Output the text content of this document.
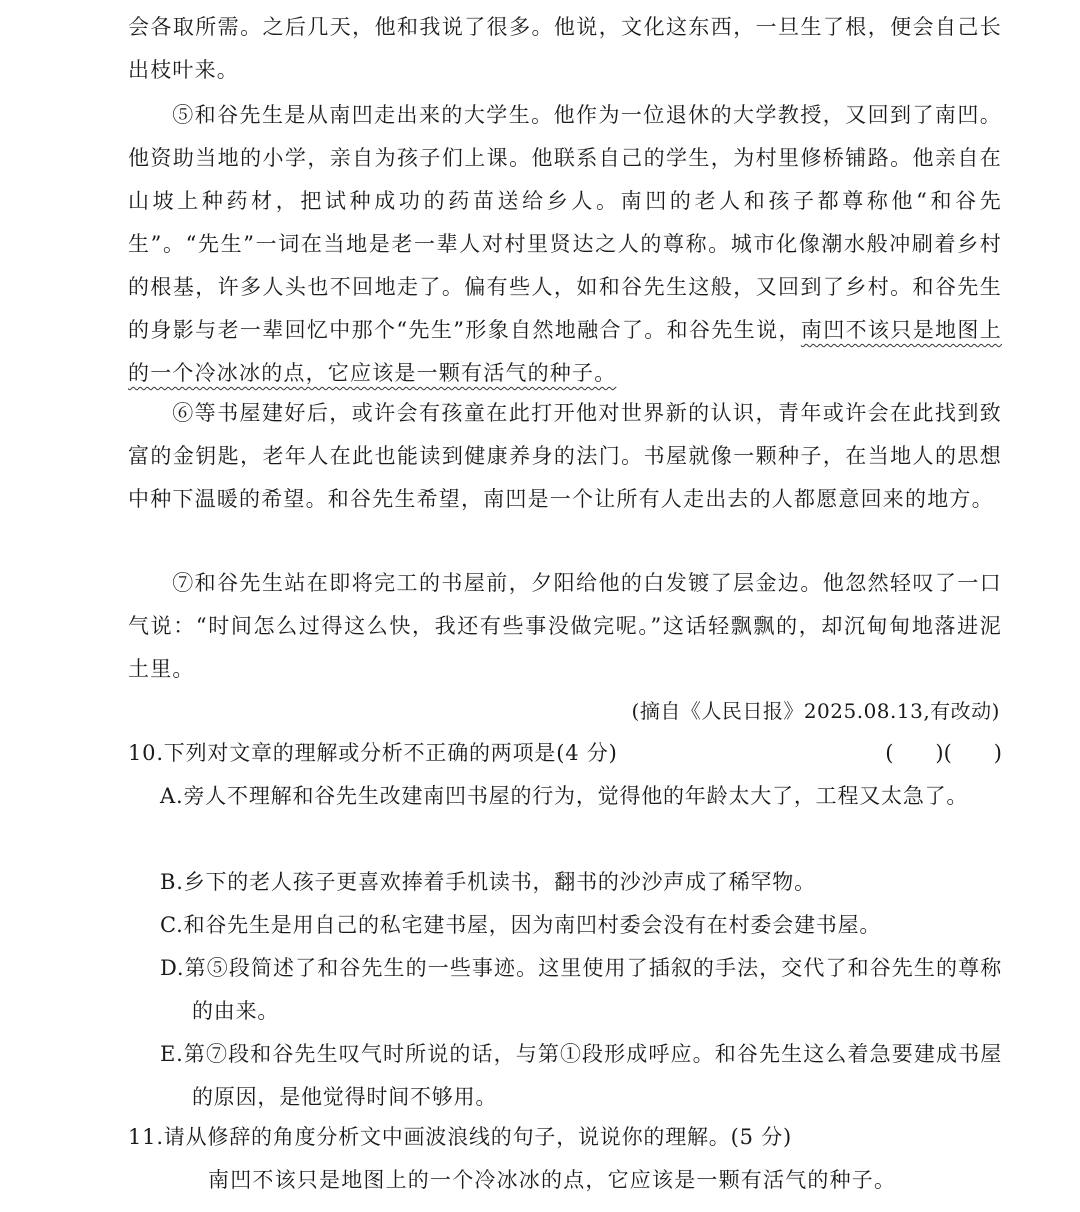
会各取所需。之后几天，他和我说了很多。他说，文化这东西，一旦生了根，便会自己长出枝叶来。
⑤和谷先生是从南凹走出来的大学生。他作为一位退休的大学教授，又回到了南凹。他资助当地的小学，亲自为孩子们上课。他联系自己的学生，为村里修桥铺路。他亲自在山坡上种药材，把试种成功的药苗送给乡人。南凹的老人和孩子都尊称他“和谷先生”。“先生”一词在当地是老一辈人对村里贤达之人的尊称。城市化像潮水般冲刷着乡村的根基，许多人头也不回地走了。偏有些人，如和谷先生这般，又回到了乡村。和谷先生的身影与老一辈回忆中那个“先生”形象自然地融合了。和谷先生说，南凹不该只是地图上的一个冷冰冰的点，它应该是一颗有活气的种子。
⑥等书屋建好后，或许会有孩童在此打开他对世界新的认识，青年或许会在此找到致富的金钥匙，老年人在此也能读到健康养身的法门。书屋就像一颗种子，在当地人的思想中种下温暖的希望。和谷先生希望，南凹是一个让所有人走出去的人都愿意回来的地方。
⑦和谷先生站在即将完工的书屋前，夕阳给他的白发镀了层金边。他忽然轻叹了一口气说：“时间怎么过得这么快，我还有些事没做完呢。”这话轻飘飘的，却沉甸甸地落进泥土里。
(摘自《人民日报》2025.08.13,有改动)
10.下列对文章的理解或分析不正确的两项是(4 分)	(　　)(　　)
A.旁人不理解和谷先生改建南凹书屋的行为，觉得他的年龄太大了，工程又太急了。
B.乡下的老人孩子更喜欢捧着手机读书，翻书的沙沙声成了稀罕物。
C.和谷先生是用自己的私宅建书屋，因为南凹村委会没有在村委会建书屋。
D.第⑤段简述了和谷先生的一些事迹。这里使用了插叙的手法，交代了和谷先生的尊称的由来。
E.第⑦段和谷先生叹气时所说的话，与第①段形成呼应。和谷先生这么着急要建成书屋的原因，是他觉得时间不够用。
11.请从修辞的角度分析文中画波浪线的句子，说说你的理解。(5 分)
南凹不该只是地图上的一个冷冰冰的点，它应该是一颗有活气的种子。
